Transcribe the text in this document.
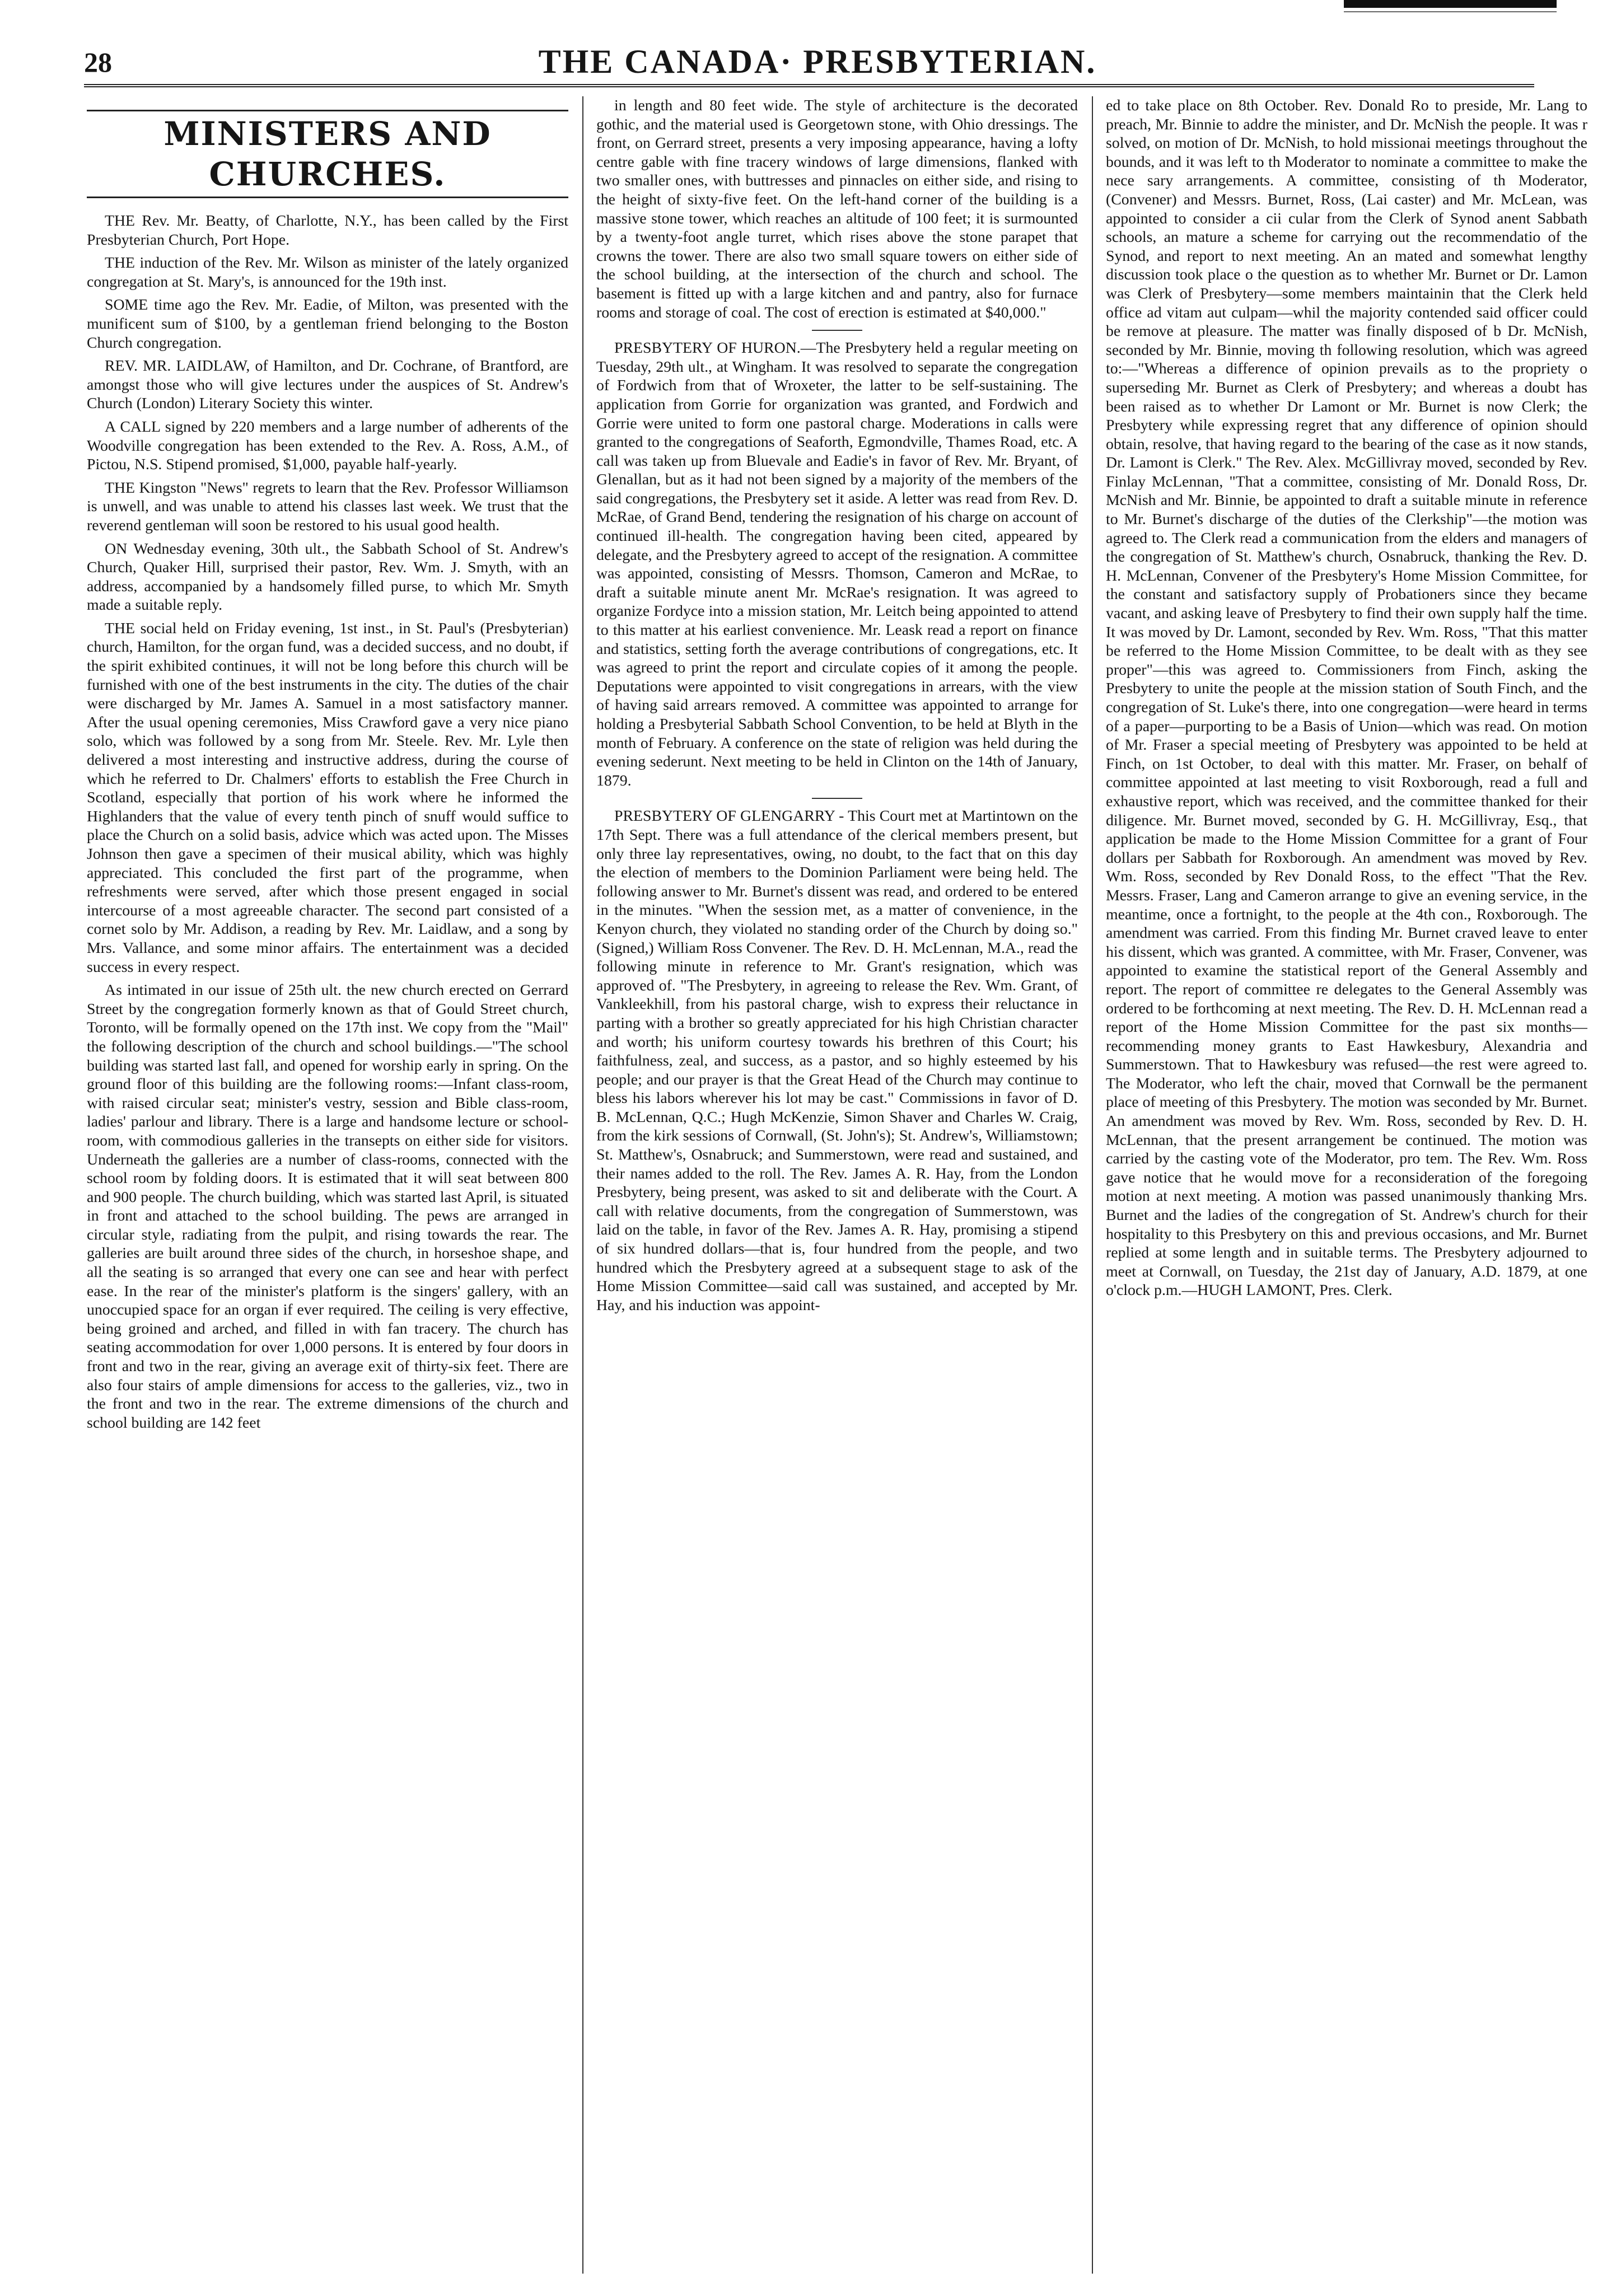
28	THE CANADA· PRESBYTERIAN.
MINISTERS AND CHURCHES.

THE Rev. Mr. Beatty, of Charlotte, N.Y., has been called by the First Presbyterian Church, Port Hope.

THE induction of the Rev. Mr. Wilson as minister of the lately organized congregation at St. Mary's, is announced for the 19th inst.

SOME time ago the Rev. Mr. Eadie, of Milton, was presented with the munificent sum of $100, by a gentleman friend belonging to the Boston Church congregation.

REV. MR. LAIDLAW, of Hamilton, and Dr. Cochrane, of Brantford, are amongst those who will give lectures under the auspices of St. Andrew's Church (London) Literary Society this winter.

A CALL signed by 220 members and a large number of adherents of the Woodville congregation has been extended to the Rev. A. Ross, A.M., of Pictou, N.S. Stipend promised, $1,000, payable half-yearly.

THE Kingston "News" regrets to learn that the Rev. Professor Williamson is unwell, and was unable to attend his classes last week. We trust that the reverend gentleman will soon be restored to his usual good health.

ON Wednesday evening, 30th ult., the Sabbath School of St. Andrew's Church, Quaker Hill, surprised their pastor, Rev. Wm. J. Smyth, with an address, accompanied by a handsomely filled purse, to which Mr. Smyth made a suitable reply.

THE social held on Friday evening, 1st inst., in St. Paul's (Presbyterian) church, Hamilton, for the organ fund, was a decided success, and no doubt, if the spirit exhibited continues, it will not be long before this church will be furnished with one of the best instruments in the city. The duties of the chair were discharged by Mr. James A. Samuel in a most satisfactory manner. After the usual opening ceremonies, Miss Crawford gave a very nice piano solo, which was followed by a song from Mr. Steele. Rev. Mr. Lyle then delivered a most interesting and instructive address, during the course of which he referred to Dr. Chalmers' efforts to establish the Free Church in Scotland, especially that portion of his work where he informed the Highlanders that the value of every tenth pinch of snuff would suffice to place the Church on a solid basis, advice which was acted upon. The Misses Johnson then gave a specimen of their musical ability, which was highly appreciated. This concluded the first part of the programme, when refreshments were served, after which those present engaged in social intercourse of a most agreeable character. The second part consisted of a cornet solo by Mr. Addison, a reading by Rev. Mr. Laidlaw, and a song by Mrs. Vallance, and some minor affairs. The entertainment was a decided success in every respect.

As intimated in our issue of 25th ult. the new church erected on Gerrard Street by the congregation formerly known as that of Gould Street church, Toronto, will be formally opened on the 17th inst. We copy from the "Mail" the following description of the church and school buildings.—"The school building was started last fall, and opened for worship early in spring. On the ground floor of this building are the following rooms:—Infant class-room, with raised circular seat; minister's vestry, session and Bible class-room, ladies' parlour and library. There is a large and handsome lecture or school-room, with commodious galleries in the transepts on either side for visitors. Underneath the galleries are a number of class-rooms, connected with the school room by folding doors. It is estimated that it will seat between 800 and 900 people. The church building, which was started last April, is situated in front and attached to the school building. The pews are arranged in circular style, radiating from the pulpit, and rising towards the rear. The galleries are built around three sides of the church, in horseshoe shape, and all the seating is so arranged that every one can see and hear with perfect ease. In the rear of the minister's platform is the singers' gallery, with an unoccupied space for an organ if ever required. The ceiling is very effective, being groined and arched, and filled in with fan tracery. The church has seating accommodation for over 1,000 persons. It is entered by four doors in front and two in the rear, giving an average exit of thirty-six feet. There are also four stairs of ample dimensions for access to the galleries, viz., two in the front and two in the rear. The extreme dimensions of the church and school building are 142 feet

in length and 80 feet wide. The style of architecture is the decorated gothic, and the material used is Georgetown stone, with Ohio dressings. The front, on Gerrard street, presents a very imposing appearance, having a lofty centre gable with fine tracery windows of large dimensions, flanked with two smaller ones, with buttresses and pinnacles on either side, and rising to the height of sixty-five feet. On the left-hand corner of the building is a massive stone tower, which reaches an altitude of 100 feet; it is surmounted by a twenty-foot angle turret, which rises above the stone parapet that crowns the tower. There are also two small square towers on either side of the school building, at the intersection of the church and school. The basement is fitted up with a large kitchen and and pantry, also for furnace rooms and storage of coal. The cost of erection is estimated at $40,000."

PRESBYTERY OF HURON.—The Presbytery held a regular meeting on Tuesday, 29th ult., at Wingham. It was resolved to separate the congregation of Fordwich from that of Wroxeter, the latter to be self-sustaining. The application from Gorrie for organization was granted, and Fordwich and Gorrie were united to form one pastoral charge. Moderations in calls were granted to the congregations of Seaforth, Egmondville, Thames Road, etc. A call was taken up from Bluevale and Eadie's in favor of Rev. Mr. Bryant, of Glenallan, but as it had not been signed by a majority of the members of the said congregations, the Presbytery set it aside. A letter was read from Rev. D. McRae, of Grand Bend, tendering the resignation of his charge on account of continued ill-health. The congregation having been cited, appeared by delegate, and the Presbytery agreed to accept of the resignation. A committee was appointed, consisting of Messrs. Thomson, Cameron and McRae, to draft a suitable minute anent Mr. McRae's resignation. It was agreed to organize Fordyce into a mission station, Mr. Leitch being appointed to attend to this matter at his earliest convenience. Mr. Leask read a report on finance and statistics, setting forth the average contributions of congregations, etc. It was agreed to print the report and circulate copies of it among the people. Deputations were appointed to visit congregations in arrears, with the view of having said arrears removed. A committee was appointed to arrange for holding a Presbyterial Sabbath School Convention, to be held at Blyth in the month of February. A conference on the state of religion was held during the evening sederunt. Next meeting to be held in Clinton on the 14th of January, 1879.

PRESBYTERY OF GLENGARRY - This Court met at Martintown on the 17th Sept. There was a full attendance of the clerical members present, but only three lay representatives, owing, no doubt, to the fact that on this day the election of members to the Dominion Parliament were being held. The following answer to Mr. Burnet's dissent was read, and ordered to be entered in the minutes. "When the session met, as a matter of convenience, in the Kenyon church, they violated no standing order of the Church by doing so." (Signed,) William Ross Convener. The Rev. D. H. McLennan, M.A., read the following minute in reference to Mr. Grant's resignation, which was approved of. "The Presbytery, in agreeing to release the Rev. Wm. Grant, of Vankleekhill, from his pastoral charge, wish to express their reluctance in parting with a brother so greatly appreciated for his high Christian character and worth; his uniform courtesy towards his brethren of this Court; his faithfulness, zeal, and success, as a pastor, and so highly esteemed by his people; and our prayer is that the Great Head of the Church may continue to bless his labors wherever his lot may be cast." Commissions in favor of D. B. McLennan, Q.C.; Hugh McKenzie, Simon Shaver and Charles W. Craig, from the kirk sessions of Cornwall, (St. John's); St. Andrew's, Williamstown; St. Matthew's, Osnabruck; and Summerstown, were read and sustained, and their names added to the roll. The Rev. James A. R. Hay, from the London Presbytery, being present, was asked to sit and deliberate with the Court. A call with relative documents, from the congregation of Summerstown, was laid on the table, in favor of the Rev. James A. R. Hay, promising a stipend of six hundred dollars—that is, four hundred from the people, and two hundred which the Presbytery agreed at a subsequent stage to ask of the Home Mission Committee—said call was sustained, and accepted by Mr. Hay, and his induction was appoint-

ed to take place on 8th October. Rev. Donald Ro to preside, Mr. Lang to preach, Mr. Binnie to addre the minister, and Dr. McNish the people. It was r solved, on motion of Dr. McNish, to hold missionai meetings throughout the bounds, and it was left to th Moderator to nominate a committee to make the nece sary arrangements. A committee, consisting of th Moderator, (Convener) and Messrs. Burnet, Ross, (Lai caster) and Mr. McLean, was appointed to consider a cii cular from the Clerk of Synod anent Sabbath schools, an mature a scheme for carrying out the recommendatio of the Synod, and report to next meeting. An an mated and somewhat lengthy discussion took place o the question as to whether Mr. Burnet or Dr. Lamon was Clerk of Presbytery—some members maintainin that the Clerk held office ad vitam aut culpam—whil the majority contended said officer could be remove at pleasure. The matter was finally disposed of b Dr. McNish, seconded by Mr. Binnie, moving th following resolution, which was agreed to:—"Whereas a difference of opinion prevails as to the propriety o superseding Mr. Burnet as Clerk of Presbytery; and whereas a doubt has been raised as to whether Dr Lamont or Mr. Burnet is now Clerk; the Presbytery while expressing regret that any difference of opinion should obtain, resolve, that having regard to the bearing of the case as it now stands, Dr. Lamont is Clerk." The Rev. Alex. McGillivray moved, seconded by Rev. Finlay McLennan, "That a committee, consisting of Mr. Donald Ross, Dr. McNish and Mr. Binnie, be appointed to draft a suitable minute in reference to Mr. Burnet's discharge of the duties of the Clerkship"—the motion was agreed to. The Clerk read a communication from the elders and managers of the congregation of St. Matthew's church, Osnabruck, thanking the Rev. D. H. McLennan, Convener of the Presbytery's Home Mission Committee, for the constant and satisfactory supply of Probationers since they became vacant, and asking leave of Presbytery to find their own supply half the time. It was moved by Dr. Lamont, seconded by Rev. Wm. Ross, "That this matter be referred to the Home Mission Committee, to be dealt with as they see proper"—this was agreed to. Commissioners from Finch, asking the Presbytery to unite the people at the mission station of South Finch, and the congregation of St. Luke's there, into one congregation—were heard in terms of a paper—purporting to be a Basis of Union—which was read. On motion of Mr. Fraser a special meeting of Presbytery was appointed to be held at Finch, on 1st October, to deal with this matter. Mr. Fraser, on behalf of committee appointed at last meeting to visit Roxborough, read a full and exhaustive report, which was received, and the committee thanked for their diligence. Mr. Burnet moved, seconded by G. H. McGillivray, Esq., that application be made to the Home Mission Committee for a grant of Four dollars per Sabbath for Roxborough. An amendment was moved by Rev. Wm. Ross, seconded by Rev Donald Ross, to the effect "That the Rev. Messrs. Fraser, Lang and Cameron arrange to give an evening service, in the meantime, once a fortnight, to the people at the 4th con., Roxborough. The amendment was carried. From this finding Mr. Burnet craved leave to enter his dissent, which was granted. A committee, with Mr. Fraser, Convener, was appointed to examine the statistical report of the General Assembly and report. The report of committee re delegates to the General Assembly was ordered to be forthcoming at next meeting. The Rev. D. H. McLennan read a report of the Home Mission Committee for the past six months—recommending money grants to East Hawkesbury, Alexandria and Summerstown. That to Hawkesbury was refused—the rest were agreed to. The Moderator, who left the chair, moved that Cornwall be the permanent place of meeting of this Presbytery. The motion was seconded by Mr. Burnet. An amendment was moved by Rev. Wm. Ross, seconded by Rev. D. H. McLennan, that the present arrangement be continued. The motion was carried by the casting vote of the Moderator, pro tem. The Rev. Wm. Ross gave notice that he would move for a reconsideration of the foregoing motion at next meeting. A motion was passed unanimously thanking Mrs. Burnet and the ladies of the congregation of St. Andrew's church for their hospitality to this Presbytery on this and previous occasions, and Mr. Burnet replied at some length and in suitable terms. The Presbytery adjourned to meet at Cornwall, on Tuesday, the 21st day of January, A.D. 1879, at one o'clock p.m.—HUGH LAMONT, Pres. Clerk.
